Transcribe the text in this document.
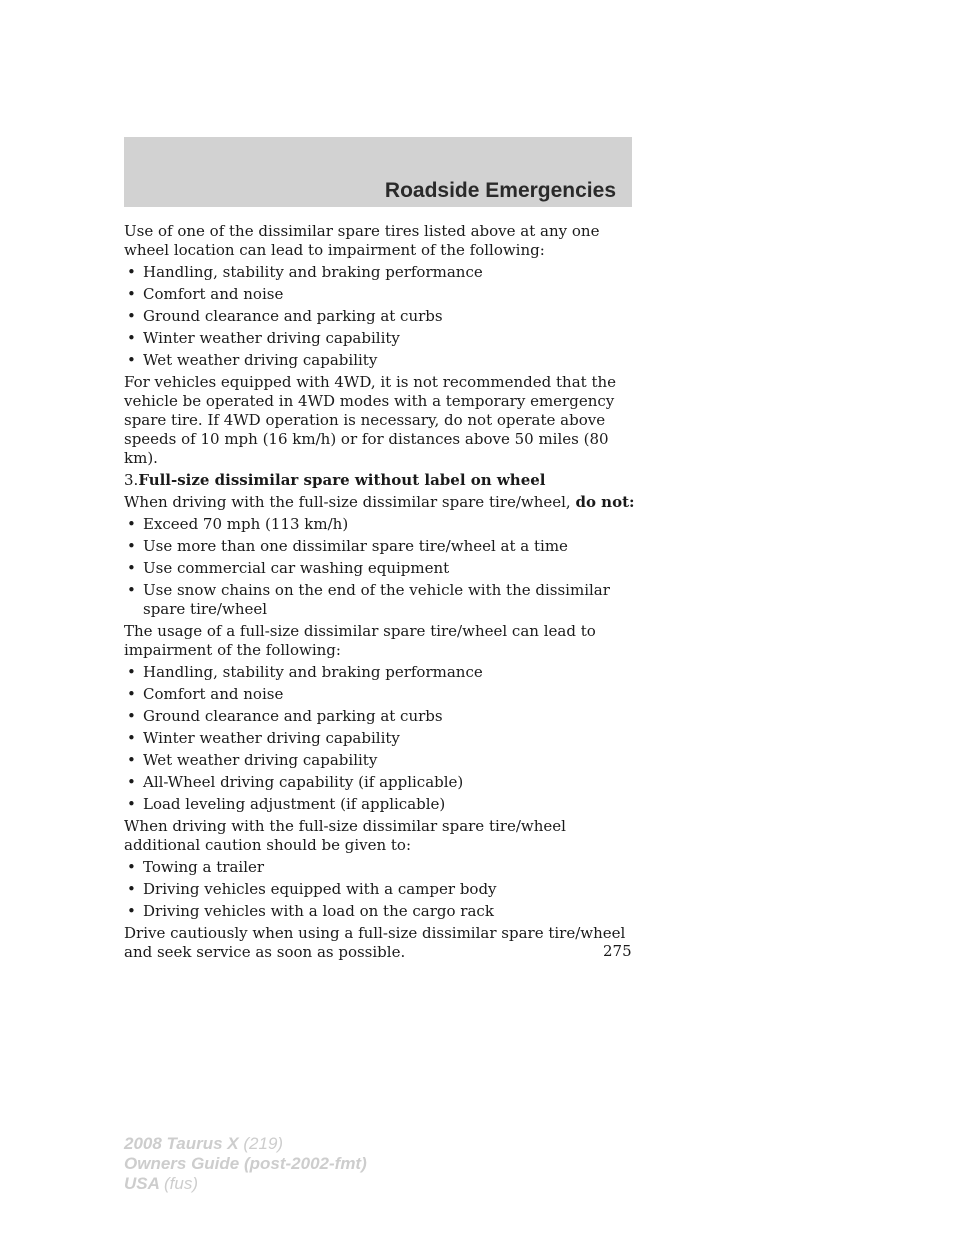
Roadside Emergencies

Use of one of the dissimilar spare tires listed above at any one wheel location can lead to impairment of the following:

• Handling, stability and braking performance
• Comfort and noise
• Ground clearance and parking at curbs
• Winter weather driving capability
• Wet weather driving capability

For vehicles equipped with 4WD, it is not recommended that the vehicle be operated in 4WD modes with a temporary emergency spare tire. If 4WD operation is necessary, do not operate above speeds of 10 mph (16 km/h) or for distances above 50 miles (80 km).

3.Full-size dissimilar spare without label on wheel

When driving with the full-size dissimilar spare tire/wheel, do not:

• Exceed 70 mph (113 km/h)
• Use more than one dissimilar spare tire/wheel at a time
• Use commercial car washing equipment
• Use snow chains on the end of the vehicle with the dissimilar spare tire/wheel

The usage of a full-size dissimilar spare tire/wheel can lead to impairment of the following:

• Handling, stability and braking performance
• Comfort and noise
• Ground clearance and parking at curbs
• Winter weather driving capability
• Wet weather driving capability
• All-Wheel driving capability (if applicable)
• Load leveling adjustment (if applicable)

When driving with the full-size dissimilar spare tire/wheel additional caution should be given to:

• Towing a trailer
• Driving vehicles equipped with a camper body
• Driving vehicles with a load on the cargo rack

Drive cautiously when using a full-size dissimilar spare tire/wheel and seek service as soon as possible.	275
2008 Taurus X (219)
Owners Guide (post-2002-fmt)
USA (fus)
